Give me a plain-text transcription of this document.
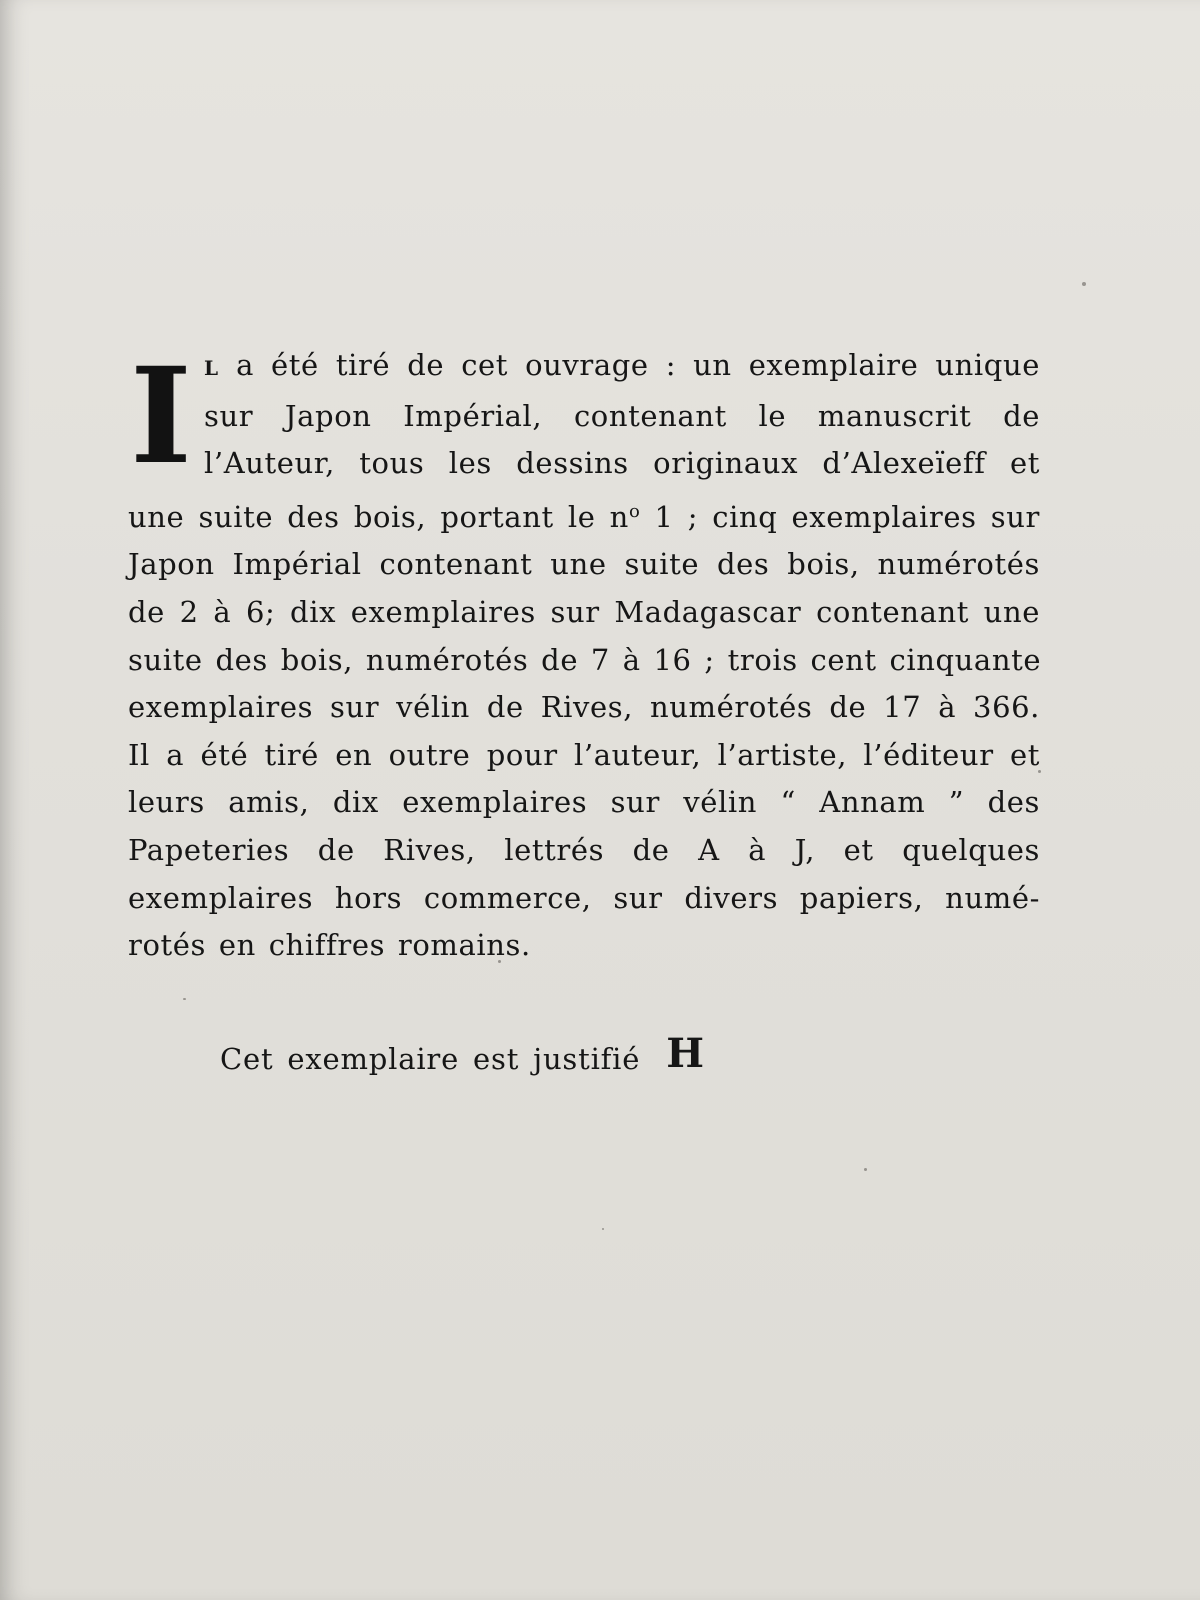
I L a été tiré de cet ouvrage : un exemplaire unique
sur Japon Impérial, contenant le manuscrit de
l’Auteur, tous les dessins originaux d’Alexeïeff et
une suite des bois, portant le $n^o$ 1 ; cinq exemplaires sur
Japon Impérial contenant une suite des bois, numérotés
de 2 à 6; dix exemplaires sur Madagascar contenant une
suite des bois, numérotés de 7 à 16 ; trois cent cinquante
exemplaires sur vélin de Rives, numérotés de 17 à 366.
Il a été tiré en outre pour l’auteur, l’artiste, l’éditeur et
leurs amis, dix exemplaires sur vélin “ Annam ” des
Papeteries de Rives, lettrés de A à J, et quelques
exemplaires hors commerce, sur divers papiers, numé-
rotés en chiffres romains.
Cet exemplaire est justifié H
